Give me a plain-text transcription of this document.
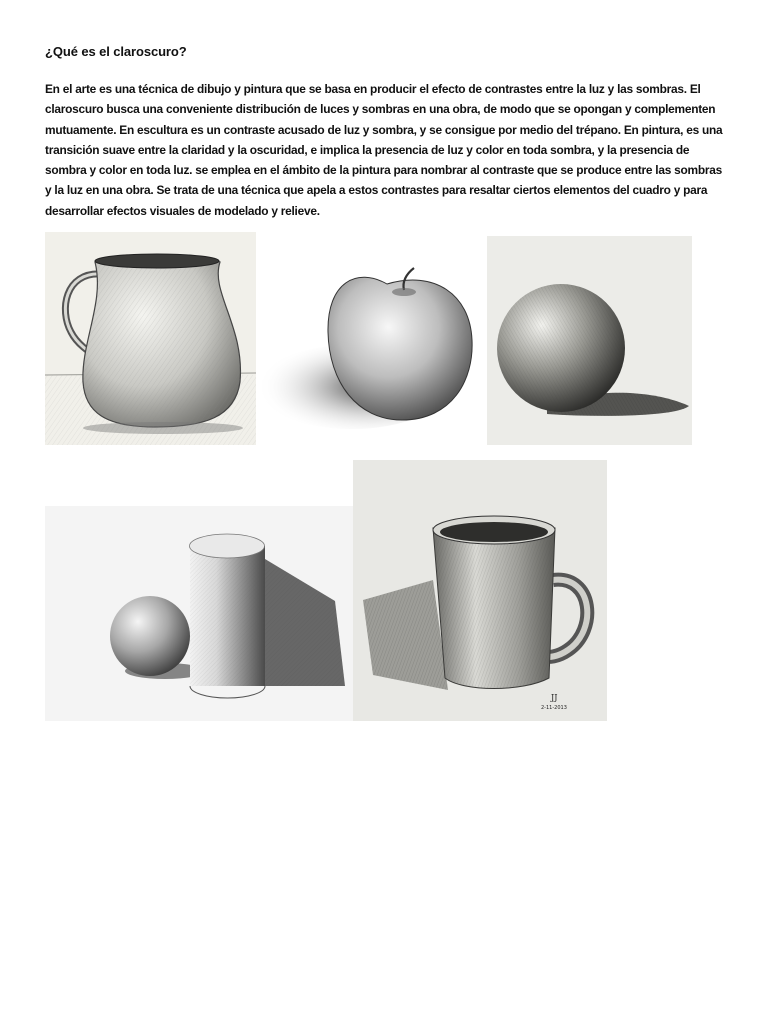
¿Qué es el claroscuro?

En el arte es una técnica de dibujo y pintura que se basa en producir el efecto de contrastes entre la luz y las sombras. El claroscuro busca una conveniente distribución de luces y sombras en una obra, de modo que se opongan y complementen mutuamente. En escultura es un contraste acusado de luz y sombra, y se consigue por medio del trépano. En pintura, es una transición suave entre la claridad y la oscuridad, e implica la presencia de luz y color en toda sombra, y la presencia de sombra y color en toda luz. se emplea en el ámbito de la pintura para nombrar al contraste que se produce entre las sombras y la luz en una obra. Se trata de una técnica que apela a estos contrastes para resaltar ciertos elementos del cuadro y para desarrollar efectos visuales de modelado y relieve.

JJ
2-11-2013
